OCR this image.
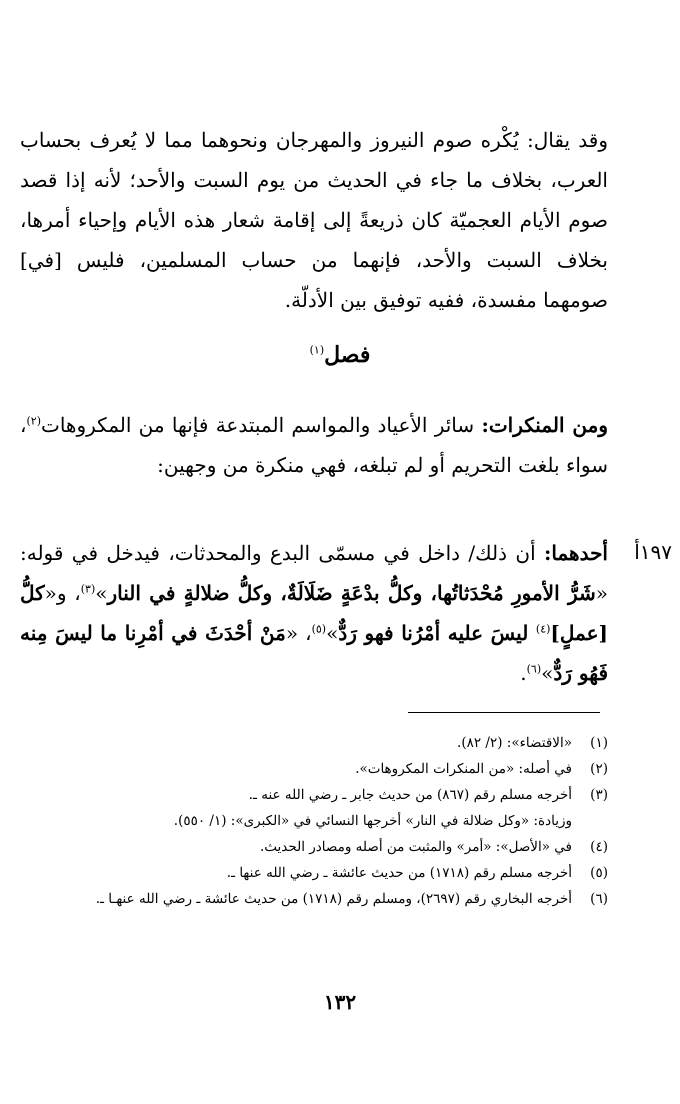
وقد يقال: يُكْره صوم النيروز والمهرجان ونحوهما مما لا يُعرف بحساب العرب، بخلاف ما جاء في الحديث من يوم السبت والأحد؛ لأنه إذا قصد صوم الأيام العجميّة كان ذريعةً إلى إقامة شعار هذه الأيام وإحياء أمرها، بخلاف السبت والأحد، فإنهما من حساب المسلمين، فليس [في] صومهما مفسدة، ففيه توفيق بين الأدلّة.

فصل$^{(١)}$

ومن المنكرات: سائر الأعياد والمواسم المبتدعة فإنها من المكروهات$^{(٢)}$، سواء بلغت التحريم أو لم تبلغه، فهي منكرة من وجهين:

١٩٧أ

أحدهما: أن ذلك/ داخل في مسمّى البدع والمحدثات، فيدخل في قوله: «شَرُّ الأمورِ مُحْدَثاتُها، وكلُّ بدْعَةٍ ضَلَالَةٌ، وكلُّ ضلالةٍ في النار»$^{(٣)}$، و«كلُّ [عملٍ]$^{(٤)}$ ليسَ عليه أمْرُنا فهو رَدٌّ»$^{(٥)}$، «مَنْ أحْدَثَ في أمْرِنا ما ليسَ مِنه فَهُو رَدٌّ»$^{(٦)}$.

(١)
«الاقتضاء»: (٢/ ٨٢).
(٢)
في أصله: «من المنكرات المكروهات».
(٣)
أخرجه مسلم رقم (٨٦٧) من حديث جابر ـ رضي الله عنه ـ.
وزيادة: «وكل ضلالة في النار» أخرجها النسائي في «الكبرى»: (١/ ٥٥٠).
(٤)
في «الأصل»: «أمر» والمثبت من أصله ومصادر الحديث.
(٥)
أخرجه مسلم رقم (١٧١٨) من حديث عائشة ـ رضي الله عنها ـ.
(٦)
أخرجه البخاري رقم (٢٦٩٧)، ومسلم رقم (١٧١٨) من حديث عائشة ـ رضي الله عنهـا ـ.
١٣٢
